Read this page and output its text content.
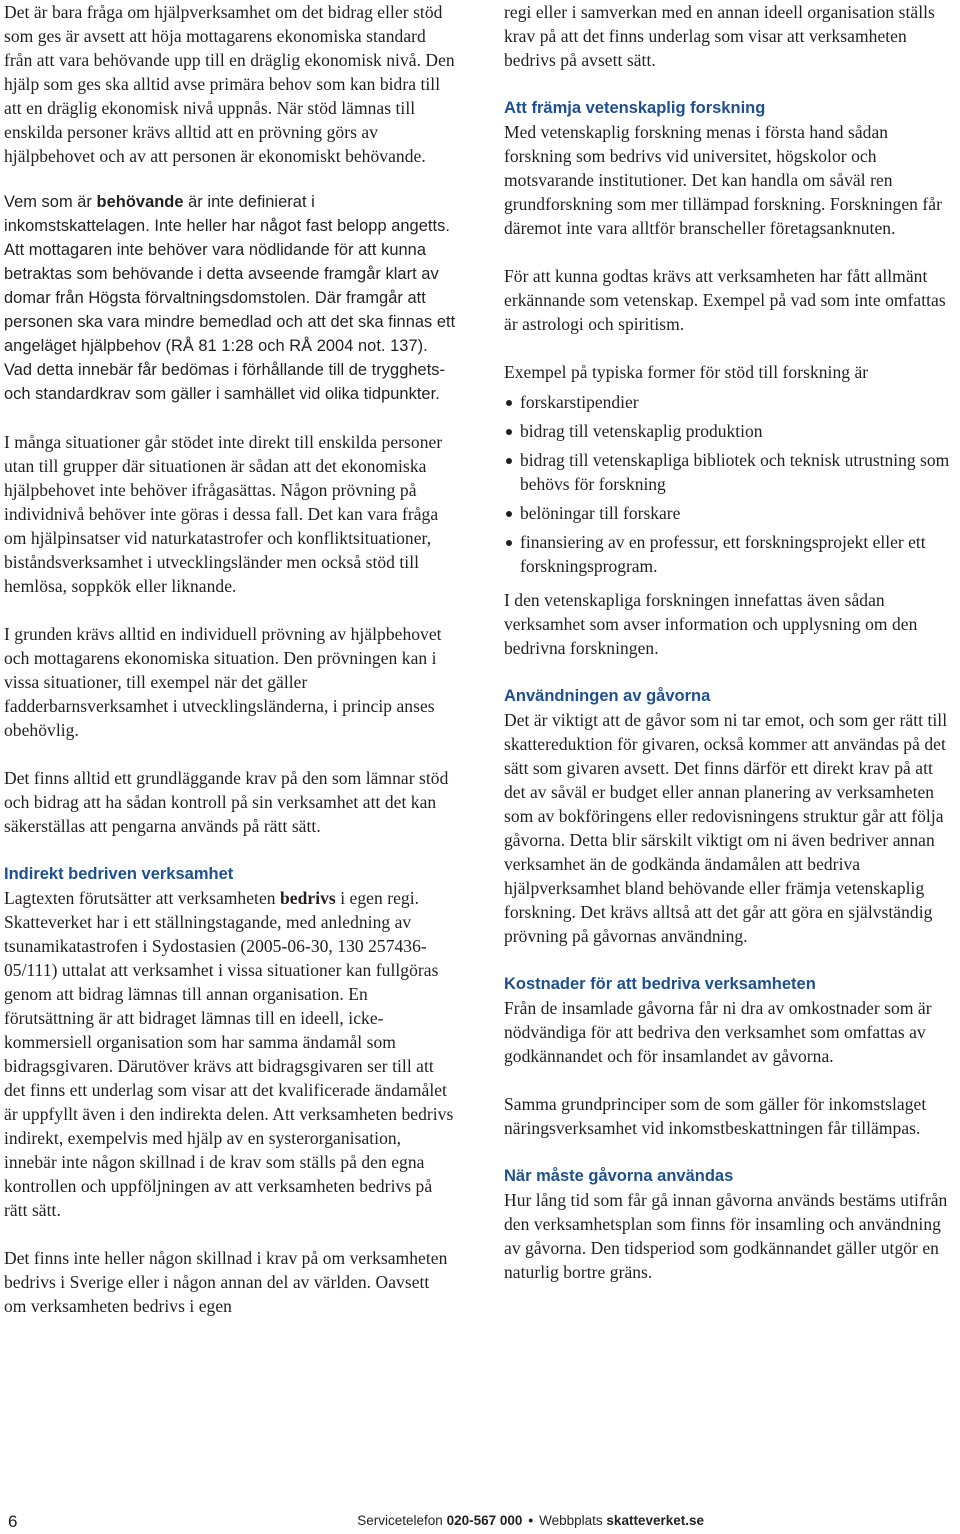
Det är bara fråga om hjälpverksamhet om det bidrag eller stöd som ges är avsett att höja mottagarens ekonomiska standard från att vara behövande upp till en dräglig ekonomisk nivå. Den hjälp som ges ska alltid avse primära behov som kan bidra till att en dräglig ekonomisk nivå uppnås. När stöd lämnas till enskilda personer krävs alltid att en prövning görs av hjälpbehovet och av att personen är ekonomiskt behövande.

Vem som är behövande är inte definierat i inkomstskattelagen. Inte heller har något fast belopp angetts. Att mottagaren inte behöver vara nödlidande för att kunna betraktas som behövande i detta avseende framgår klart av domar från Högsta förvaltningsdomstolen. Där framgår att personen ska vara mindre bemedlad och att det ska finnas ett angeläget hjälpbehov (RÅ 81 1:28 och RÅ 2004 not. 137). Vad detta innebär får bedömas i förhållande till de trygghets- och standardkrav som gäller i samhället vid olika tidpunkter.

I många situationer går stödet inte direkt till enskilda personer utan till grupper där situationen är sådan att det ekonomiska hjälpbehovet inte behöver ifrågasättas. Någon prövning på individnivå behöver inte göras i dessa fall. Det kan vara fråga om hjälpinsatser vid naturkatastrofer och konfliktsituationer, biståndsverksamhet i utvecklingsländer men också stöd till hemlösa, soppkök eller liknande.

I grunden krävs alltid en individuell prövning av hjälpbehovet och mottagarens ekonomiska situation. Den prövningen kan i vissa situationer, till exempel när det gäller fadderbarnsverksamhet i utvecklingsländerna, i princip anses obehövlig.

Det finns alltid ett grundläggande krav på den som lämnar stöd och bidrag att ha sådan kontroll på sin verksamhet att det kan säkerställas att pengarna används på rätt sätt.

Indirekt bedriven verksamhet

Lagtexten förutsätter att verksamheten bedrivs i egen regi. Skatteverket har i ett ställningstagande, med anledning av tsunamikatastrofen i Sydostasien (2005-06-30, 130 257436-05/111) uttalat att verksamhet i vissa situationer kan fullgöras genom att bidrag lämnas till annan organisation. En förutsättning är att bidraget lämnas till en ideell, icke-kommersiell organisation som har samma ändamål som bidragsgivaren. Därutöver krävs att bidragsgivaren ser till att det finns ett underlag som visar att det kvalificerade ändamålet är uppfyllt även i den indirekta delen. Att verksamheten bedrivs indirekt, exempelvis med hjälp av en systerorganisation, innebär inte någon skillnad i de krav som ställs på den egna kontrollen och uppföljningen av att verksamheten bedrivs på rätt sätt.

Det finns inte heller någon skillnad i krav på om verksamheten bedrivs i Sverige eller i någon annan del av världen. Oavsett om verksamheten bedrivs i egen

regi eller i samverkan med en annan ideell organisation ställs krav på att det finns underlag som visar att verksamheten bedrivs på avsett sätt.

Att främja vetenskaplig forskning

Med vetenskaplig forskning menas i första hand sådan forskning som bedrivs vid universitet, högskolor och motsvarande institutioner. Det kan handla om såväl ren grundforskning som mer tillämpad forskning. Forskningen får däremot inte vara alltför branscheller företagsanknuten.

För att kunna godtas krävs att verksamheten har fått allmänt erkännande som vetenskap. Exempel på vad som inte omfattas är astrologi och spiritism.

Exempel på typiska former för stöd till forskning är

forskarstipendier
bidrag till vetenskaplig produktion
bidrag till vetenskapliga bibliotek och teknisk utrustning som behövs för forskning
belöningar till forskare
finansiering av en professur, ett forskningsprojekt eller ett forskningsprogram.

I den vetenskapliga forskningen innefattas även sådan verksamhet som avser information och upplysning om den bedrivna forskningen.

Användningen av gåvorna

Det är viktigt att de gåvor som ni tar emot, och som ger rätt till skattereduktion för givaren, också kommer att användas på det sätt som givaren avsett. Det finns därför ett direkt krav på att det av såväl er budget eller annan planering av verksamheten som av bokföringens eller redovisningens struktur går att följa gåvorna. Detta blir särskilt viktigt om ni även bedriver annan verksamhet än de godkända ändamålen att bedriva hjälpverksamhet bland behövande eller främja vetenskaplig forskning. Det krävs alltså att det går att göra en självständig prövning på gåvornas användning.

Kostnader för att bedriva verksamheten

Från de insamlade gåvorna får ni dra av omkostnader som är nödvändiga för att bedriva den verksamhet som omfattas av godkännandet och för insamlandet av gåvorna.

Samma grundprinciper som de som gäller för inkomstslaget näringsverksamhet vid inkomstbeskattningen får tillämpas.

När måste gåvorna användas

Hur lång tid som får gå innan gåvorna används bestäms utifrån den verksamhetsplan som finns för insamling och användning av gåvorna. Den tidsperiod som godkännandet gäller utgör en naturlig bortre gräns.

6	Servicetelefon 020-567 000 • Webbplats skatteverket.se
